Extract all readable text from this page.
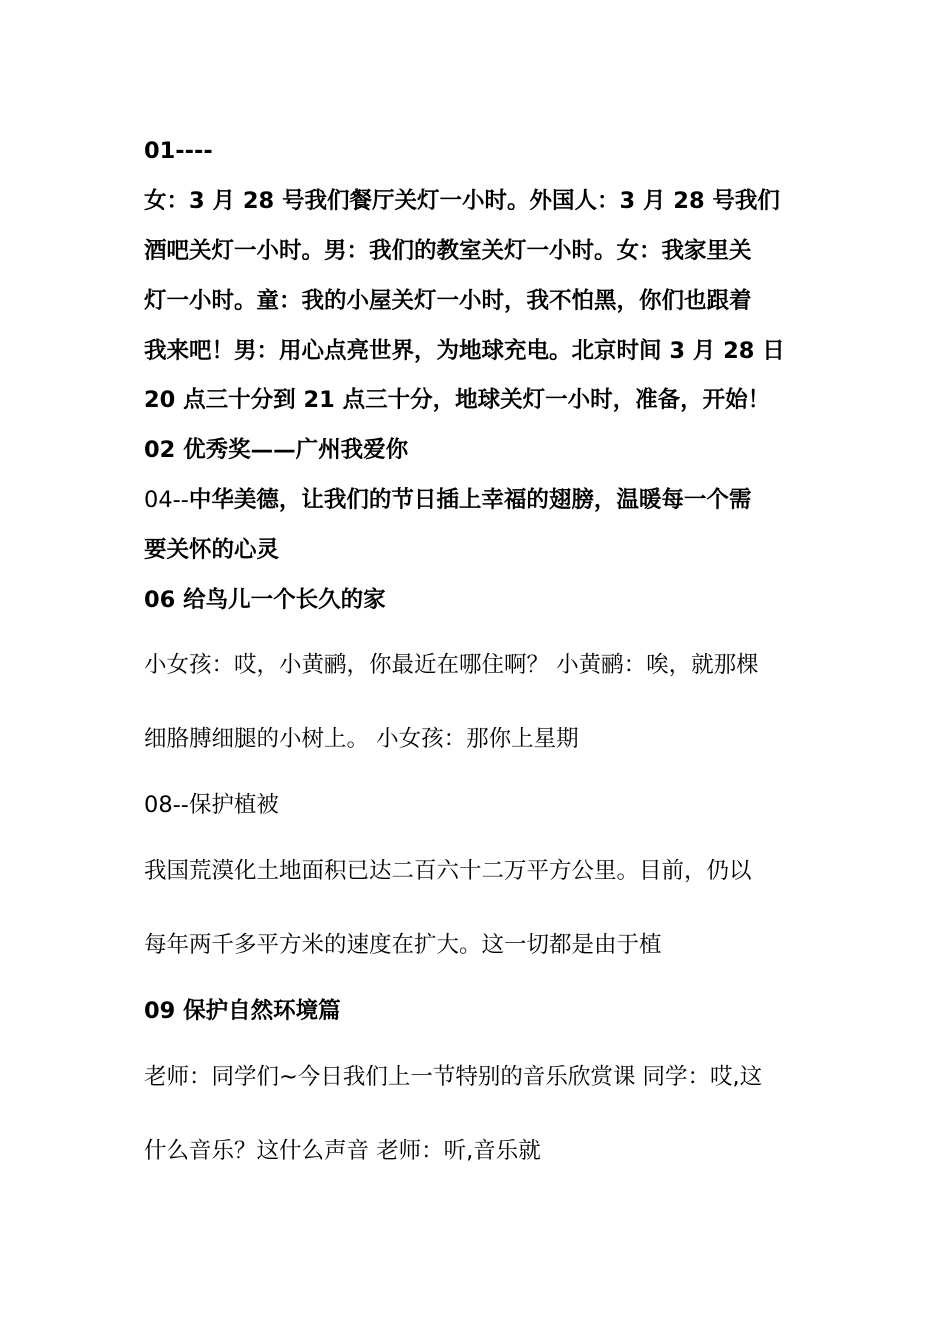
01----
女：3 月 28 号我们餐厅关灯一小时。外国人：3 月 28 号我们
酒吧关灯一小时。男：我们的教室关灯一小时。女：我家里关
灯一小时。童：我的小屋关灯一小时，我不怕黑，你们也跟着
我来吧！男：用心点亮世界，为地球充电。北京时间 3 月 28 日
20 点三十分到 21 点三十分，地球关灯一小时，准备，开始！
02 优秀奖——广州我爱你
04--中华美德，让我们的节日插上幸福的翅膀，温暖每一个需
要关怀的心灵
06 给鸟儿一个长久的家
小女孩：哎，小黄鹂，你最近在哪住啊？ 小黄鹂：唉，就那棵
细胳膊细腿的小树上。 小女孩：那你上星期
08--保护植被
我国荒漠化土地面积已达二百六十二万平方公里。目前，仍以
每年两千多平方米的速度在扩大。这一切都是由于植
09 保护自然环境篇
老师：同学们~今日我们上一节特别的音乐欣赏课 同学：哎,这
什么音乐？这什么声音 老师：听,音乐就
